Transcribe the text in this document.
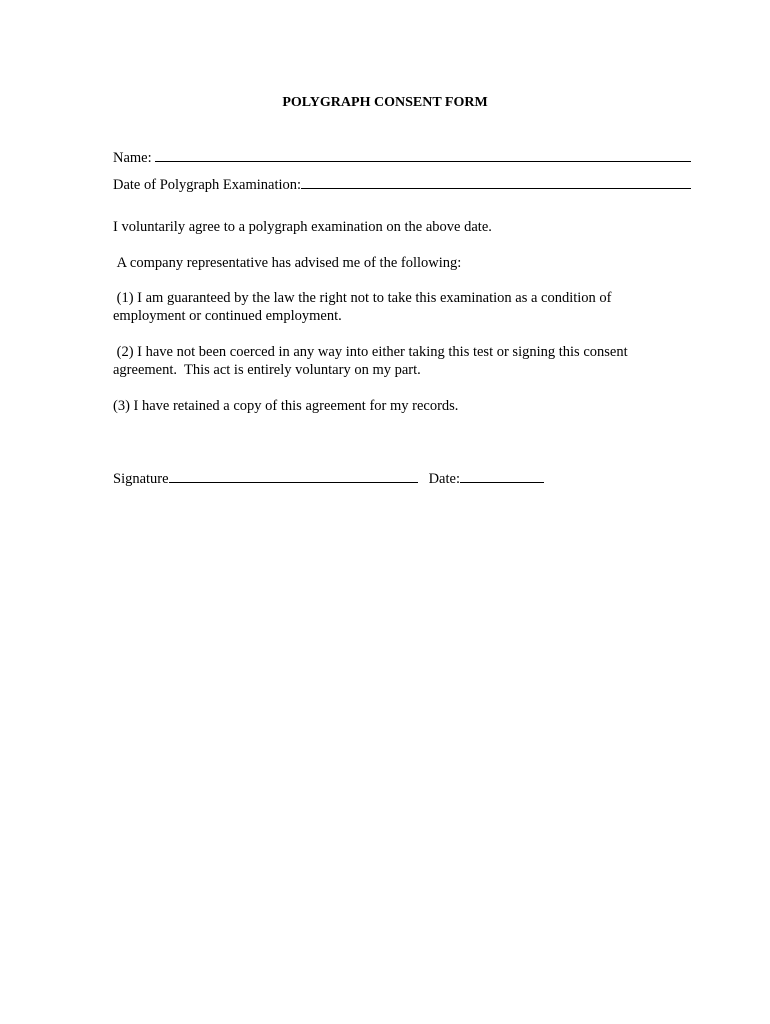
POLYGRAPH CONSENT FORM
Name:
Date of Polygraph Examination:

I voluntarily agree to a polygraph examination on the above date.

A company representative has advised me of the following:

(1) I am guaranteed by the law the right not to take this examination as a condition of employment or continued employment.

(2) I have not been coerced in any way into either taking this test or signing this consent agreement.  This act is entirely voluntary on my part.

(3) I have retained a copy of this agreement for my records.

Signature	Date:
